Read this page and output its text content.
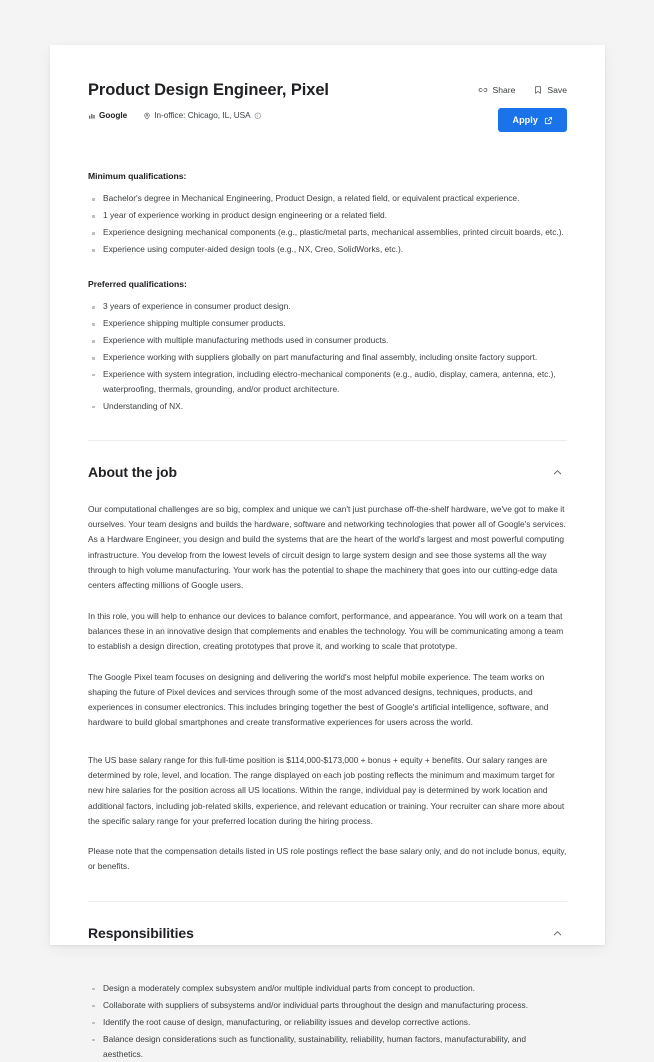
Product Design Engineer, Pixel
Google	In-office: Chicago, IL, USA
Share	Save
Apply
Minimum qualifications:
Bachelor's degree in Mechanical Engineering, Product Design, a related field, or equivalent practical experience.
1 year of experience working in product design engineering or a related field.
Experience designing mechanical components (e.g., plastic/metal parts, mechanical assemblies, printed circuit boards, etc.).
Experience using computer-aided design tools (e.g., NX, Creo, SolidWorks, etc.).
Preferred qualifications:
3 years of experience in consumer product design.
Experience shipping multiple consumer products.
Experience with multiple manufacturing methods used in consumer products.
Experience working with suppliers globally on part manufacturing and final assembly, including onsite factory support.
Experience with system integration, including electro-mechanical components (e.g., audio, display, camera, antenna, etc.), waterproofing, thermals, grounding, and/or product architecture.
Understanding of NX.
About the job

Our computational challenges are so big, complex and unique we can't just purchase off-the-shelf hardware, we've got to make it ourselves. Your team designs and builds the hardware, software and networking technologies that power all of Google's services. As a Hardware Engineer, you design and build the systems that are the heart of the world's largest and most powerful computing infrastructure. You develop from the lowest levels of circuit design to large system design and see those systems all the way through to high volume manufacturing. Your work has the potential to shape the machinery that goes into our cutting-edge data centers affecting millions of Google users.

In this role, you will help to enhance our devices to balance comfort, performance, and appearance. You will work on a team that balances these in an innovative design that complements and enables the technology. You will be communicating among a team to establish a design direction, creating prototypes that prove it, and working to scale that prototype.

The Google Pixel team focuses on designing and delivering the world's most helpful mobile experience. The team works on shaping the future of Pixel devices and services through some of the most advanced designs, techniques, products, and experiences in consumer electronics. This includes bringing together the best of Google's artificial intelligence, software, and hardware to build global smartphones and create transformative experiences for users across the world.

The US base salary range for this full-time position is $114,000-$173,000 + bonus + equity + benefits. Our salary ranges are determined by role, level, and location. The range displayed on each job posting reflects the minimum and maximum target for new hire salaries for the position across all US locations. Within the range, individual pay is determined by work location and additional factors, including job-related skills, experience, and relevant education or training. Your recruiter can share more about the specific salary range for your preferred location during the hiring process.

Please note that the compensation details listed in US role postings reflect the base salary only, and do not include bonus, equity, or benefits.

Responsibilities
Design a moderately complex subsystem and/or multiple individual parts from concept to production.
Collaborate with suppliers of subsystems and/or individual parts throughout the design and manufacturing process.
Identify the root cause of design, manufacturing, or reliability issues and develop corrective actions.
Balance design considerations such as functionality, sustainability, reliability, human factors, manufacturability, and aesthetics.
